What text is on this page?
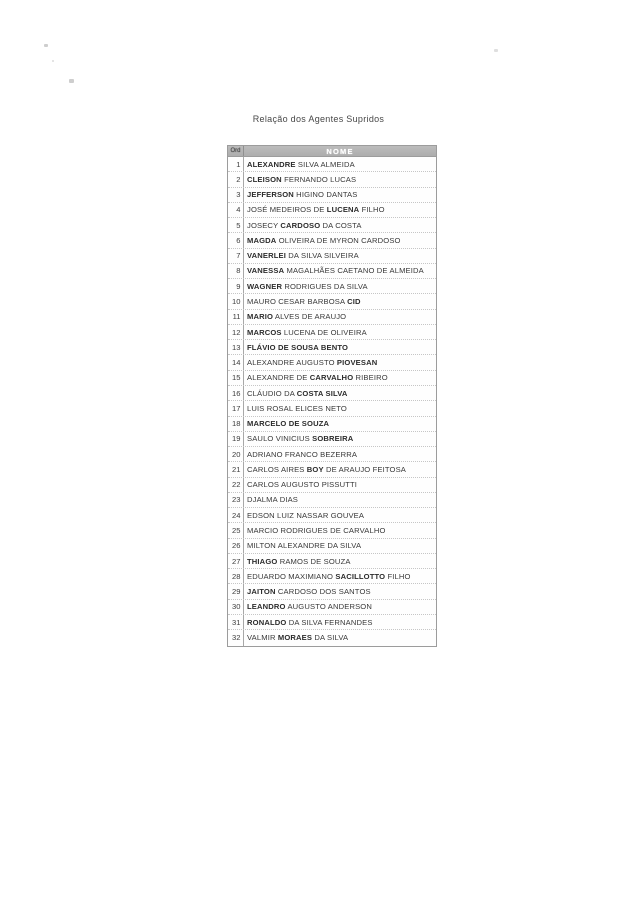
Relação dos Agentes Supridos
Ord	NOME
1 ALEXANDRE SILVA ALMEIDA
2 CLEISON FERNANDO LUCAS
3 JEFFERSON HIGINO DANTAS
4 JOSÉ MEDEIROS DE LUCENA FILHO
5 JOSECY CARDOSO DA COSTA
6 MAGDA OLIVEIRA DE MYRON CARDOSO
7 VANERLEI DA SILVA SILVEIRA
8 VANESSA MAGALHÃES CAETANO DE ALMEIDA
9 WAGNER RODRIGUES DA SILVA
10 MAURO CESAR BARBOSA CID
11 MARIO ALVES DE ARAUJO
12 MARCOS LUCENA DE OLIVEIRA
13 FLÁVIO DE SOUSA BENTO
14 ALEXANDRE AUGUSTO PIOVESAN
15 ALEXANDRE DE CARVALHO RIBEIRO
16 CLÁUDIO DA COSTA SILVA
17 LUIS ROSAL ELICES NETO
18 MARCELO DE SOUZA
19 SAULO VINICIUS SOBREIRA
20 ADRIANO FRANCO BEZERRA
21 CARLOS AIRES BOY DE ARAUJO FEITOSA
22 CARLOS AUGUSTO PISSUTTI
23 DJALMA DIAS
24 EDSON LUIZ NASSAR GOUVEA
25 MARCIO RODRIGUES DE CARVALHO
26 MILTON ALEXANDRE DA SILVA
27 THIAGO RAMOS DE SOUZA
28 EDUARDO MAXIMIANO SACILLOTTO FILHO
29 JAITON CARDOSO DOS SANTOS
30 LEANDRO AUGUSTO ANDERSON
31 RONALDO DA SILVA FERNANDES
32 VALMIR MORAES DA SILVA
